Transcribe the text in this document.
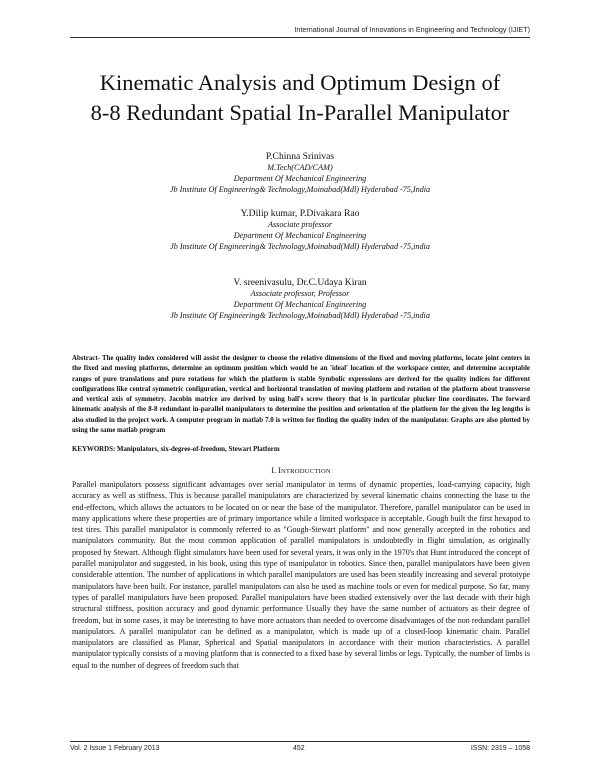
International Journal of Innovations in Engineering and Technology (IJIET)
Kinematic Analysis and Optimum Design of
8-8 Redundant Spatial In-Parallel Manipulator
P.Chinna Srinivas
M.Tech(CAD/CAM)
Department Of Mechanical Engineering
Jb Institute Of Engineering& Technology,Moinabad(Mdl) Hyderabad -75,India
Y.Dilip kumar, P.Divakara Rao
Associate professor
Department Of Mechanical Engineering
Jb Institute Of Engineering& Technology,Moinabad(Mdl) Hyderabad -75,india
V. sreenivasulu, Dr.C.Udaya Kiran
Associate professor, Professor
Department Of Mechanical Engineering
Jb Institute Of Engineering& Technology,Moinabad(Mdl) Hyderabad -75,india
Abstract- The quality index considered will assist the designer to choose the relative dimensions of the fixed and moving platforms, locate joint centers in the fixed and moving platforms, determine an optimum position which would be an 'ideal' location of the workspace center, and determine acceptable ranges of pure translations and pure rotations for which the platform is stable Symbolic expressions are derived for the quality indices for different configurations like central symmetric configuration, vertical and horizontal translation of moving platform and rotation of the platform about transverse and vertical axis of symmetry. Jacobin matrice are derived by using ball's screw theory that is in particular plucker line coordinates. The forward kinematic analysis of the 8-8 redundant in-parallel manipulators to determine the position and orientation of the platform for the given the leg lengths is also studied in the project work. A computer program in matlab 7.0 is written for finding the quality index of the manipulator. Graphs are also plotted by using the same matlab program
KEYWORDS: Manipulators, six-degree-of-freedom, Stewart Platform
I. INTRODUCTION

Parallel manipulators possess significant advantages over serial manipulator in terms of dynamic properties, load-carrying capacity, high accuracy as well as stiffness. This is because parallel manipulators are characterized by several kinematic chains connecting the base to the end-effectors, which allows the actuators to be located on or near the base of the manipulator. Therefore, parallel manipulator can be used in many applications where these properties are of primary importance while a limited workspace is acceptable. Gough built the first hexapod to test tires. This parallel manipulator is commonly referred to as "Gough-Stewart platform" and now generally accepted in the robotics and manipulators community. But the most common application of parallel manipulators is undoubtedly in flight simulation, as originally proposed by Stewart. Although flight simulators have been used for several years, it was only in the 1970's that Hunt introduced the concept of parallel manipulator and suggested, in his book, using this type of manipulator in robotics. Since then, parallel manipulators have been given considerable attention. The number of applications in which parallel manipulators are used has been steadily increasing and several prototype manipulators have been built. For instance, parallel manipulators can also be used as machine tools or even for medical purpose. So far, many types of parallel manipulators have been proposed. Parallel manipulators have been studied extensively over the last decade with their high structural stiffness, position accuracy and good dynamic performance Usually they have the same number of actuators as their degree of freedom, but in some cases, it may be interesting to have more actuators than needed to overcome disadvantages of the non redundant parallel manipulators. A parallel manipulator can be defined as a manipulator, which is made up of a closed-loop kinematic chain. Parallel manipulators are classified as Planar, Spherical and Spatial manipulators in accordance with their motion characteristics. A parallel manipulator typically consists of a moving platform that is connected to a fixed base by several limbs or legs. Typically, the number of limbs is equal to the number of degrees of freedom such that

Vol. 2 Issue 1 February 2013	452	ISSN: 2319 – 1058
